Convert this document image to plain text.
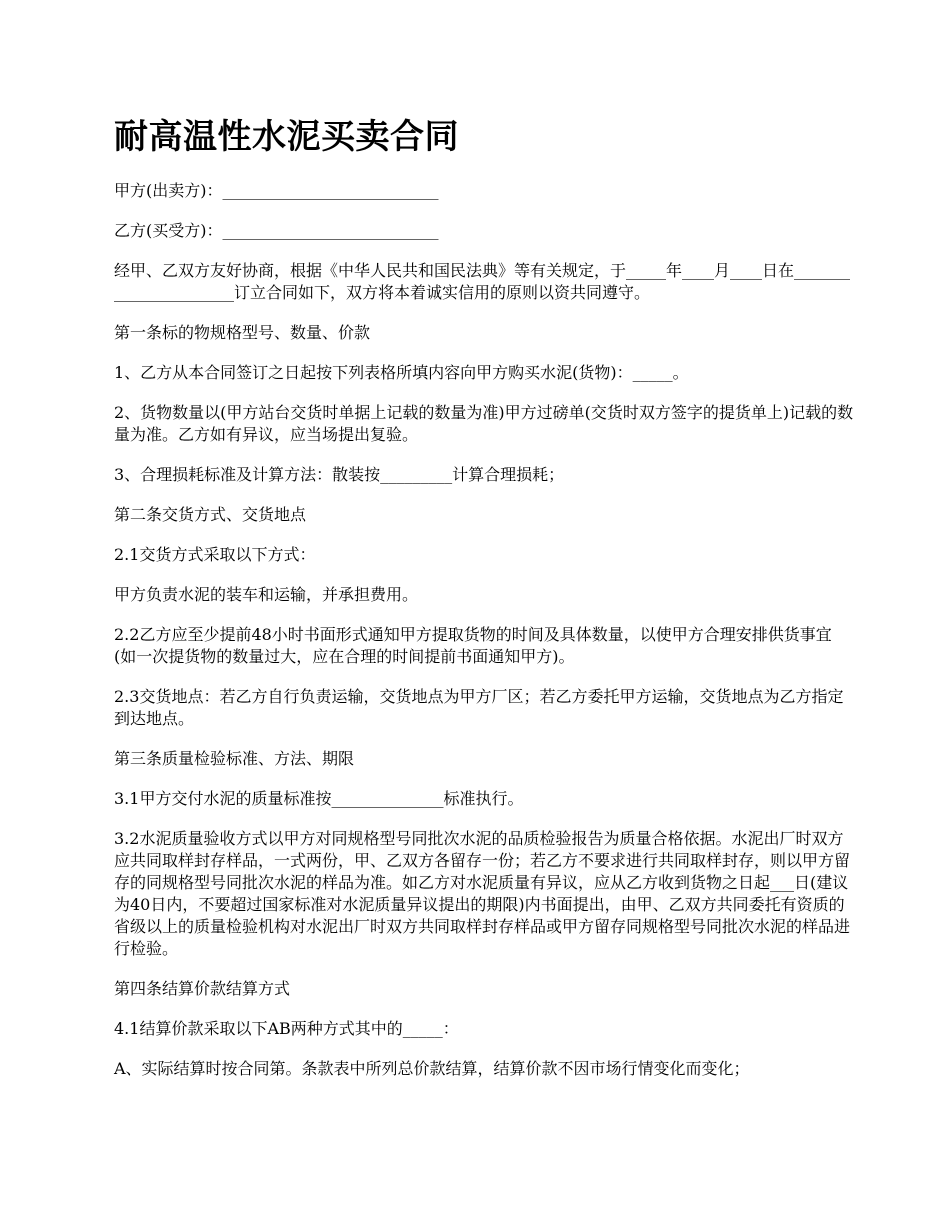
耐高温性水泥买卖合同

甲方(出卖方)：___________________________

乙方(买受方)：___________________________

经甲、乙双方友好协商，根据《中华人民共和国民法典》等有关规定，于_____年____月____日在______________________订立合同如下，双方将本着诚实信用的原则以资共同遵守。

第一条标的物规格型号、数量、价款

1、乙方从本合同签订之日起按下列表格所填内容向甲方购买水泥(货物)：_____。

2、货物数量以(甲方站台交货时单据上记载的数量为准)甲方过磅单(交货时双方签字的提货单上)记载的数量为准。乙方如有异议，应当场提出复验。

3、合理损耗标准及计算方法：散装按_________计算合理损耗；

第二条交货方式、交货地点

2.1交货方式采取以下方式：

甲方负责水泥的装车和运输，并承担费用。

2.2乙方应至少提前48小时书面形式通知甲方提取货物的时间及具体数量，以使甲方合理安排供货事宜(如一次提货物的数量过大，应在合理的时间提前书面通知甲方)。

2.3交货地点：若乙方自行负责运输，交货地点为甲方厂区；若乙方委托甲方运输，交货地点为乙方指定到达地点。

第三条质量检验标准、方法、期限

3.1甲方交付水泥的质量标准按______________标准执行。

3.2水泥质量验收方式以甲方对同规格型号同批次水泥的品质检验报告为质量合格依据。水泥出厂时双方应共同取样封存样品，一式两份，甲、乙双方各留存一份；若乙方不要求进行共同取样封存，则以甲方留存的同规格型号同批次水泥的样品为准。如乙方对水泥质量有异议，应从乙方收到货物之日起___日(建议为40日内，不要超过国家标准对水泥质量异议提出的期限)内书面提出，由甲、乙双方共同委托有资质的省级以上的质量检验机构对水泥出厂时双方共同取样封存样品或甲方留存同规格型号同批次水泥的样品进行检验。

第四条结算价款结算方式

4.1结算价款采取以下AB两种方式其中的_____：

A、实际结算时按合同第。条款表中所列总价款结算，结算价款不因市场行情变化而变化；
